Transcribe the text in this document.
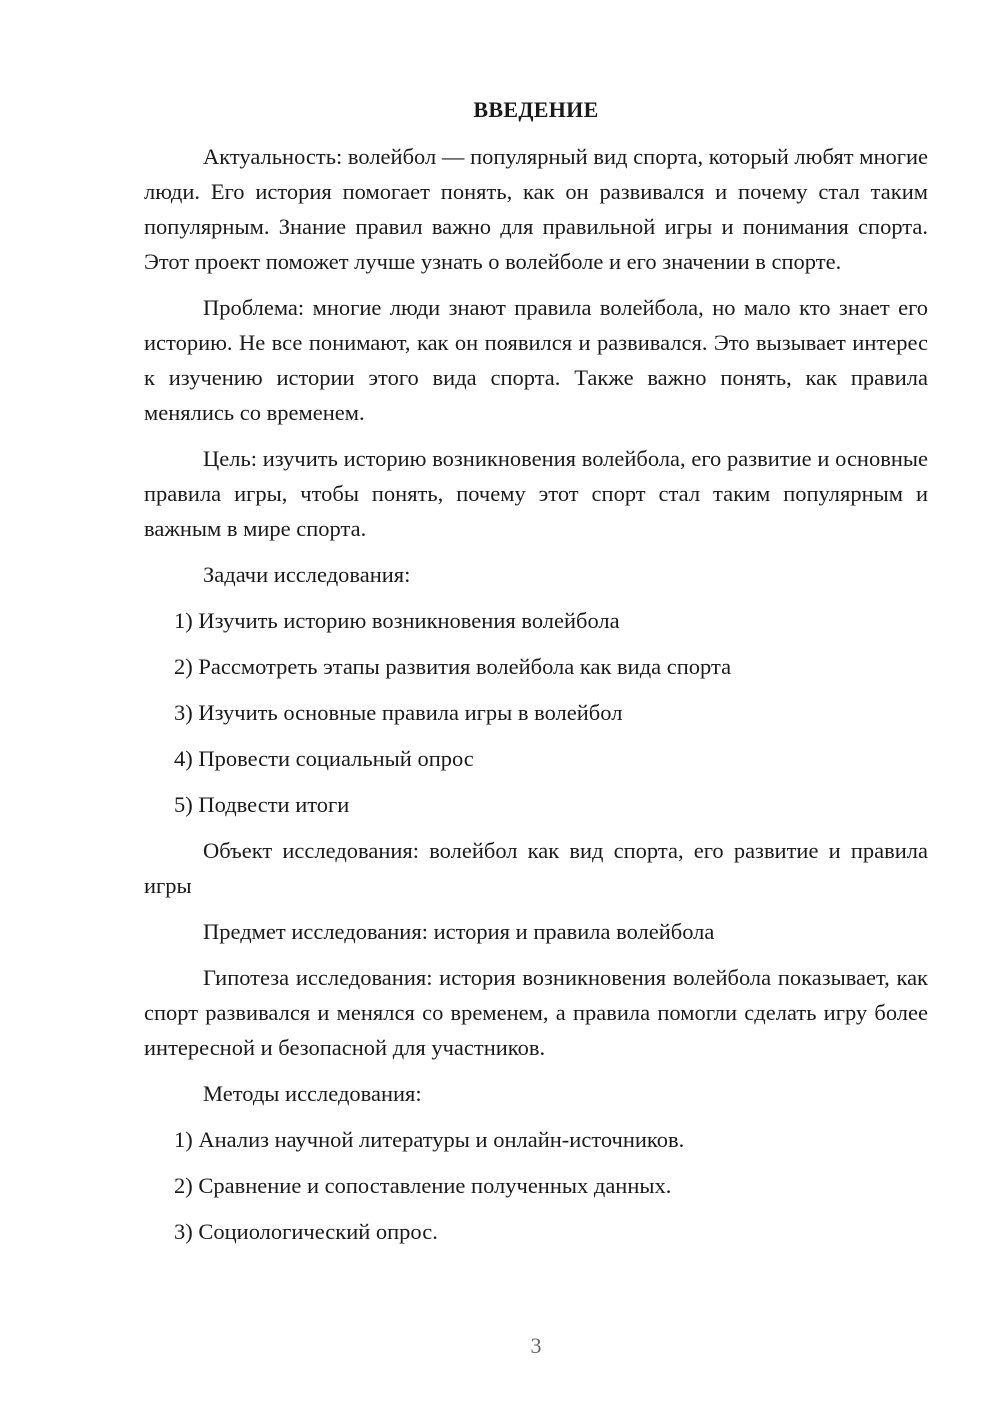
ВВЕДЕНИЕ

Актуальность: волейбол — популярный вид спорта, который любят многие люди. Его история помогает понять, как он развивался и почему стал таким популярным. Знание правил важно для правильной игры и понимания спорта. Этот проект поможет лучше узнать о волейболе и его значении в спорте.

Проблема: многие люди знают правила волейбола, но мало кто знает его историю. Не все понимают, как он появился и развивался. Это вызывает интерес к изучению истории этого вида спорта. Также важно понять, как правила менялись со временем.

Цель: изучить историю возникновения волейбола, его развитие и основные правила игры, чтобы понять, почему этот спорт стал таким популярным и важным в мире спорта.

Задачи исследования:

1) Изучить историю возникновения волейбола

2) Рассмотреть этапы развития волейбола как вида спорта

3) Изучить основные правила игры в волейбол

4) Провести социальный опрос

5) Подвести итоги

Объект исследования: волейбол как вид спорта, его развитие и правила игры

Предмет исследования: история и правила волейбола

Гипотеза исследования: история возникновения волейбола показывает, как спорт развивался и менялся со временем, а правила помогли сделать игру более интересной и безопасной для участников.

Методы исследования:

1) Анализ научной литературы и онлайн-источников.

2) Сравнение и сопоставление полученных данных.

3) Социологический опрос.

3
